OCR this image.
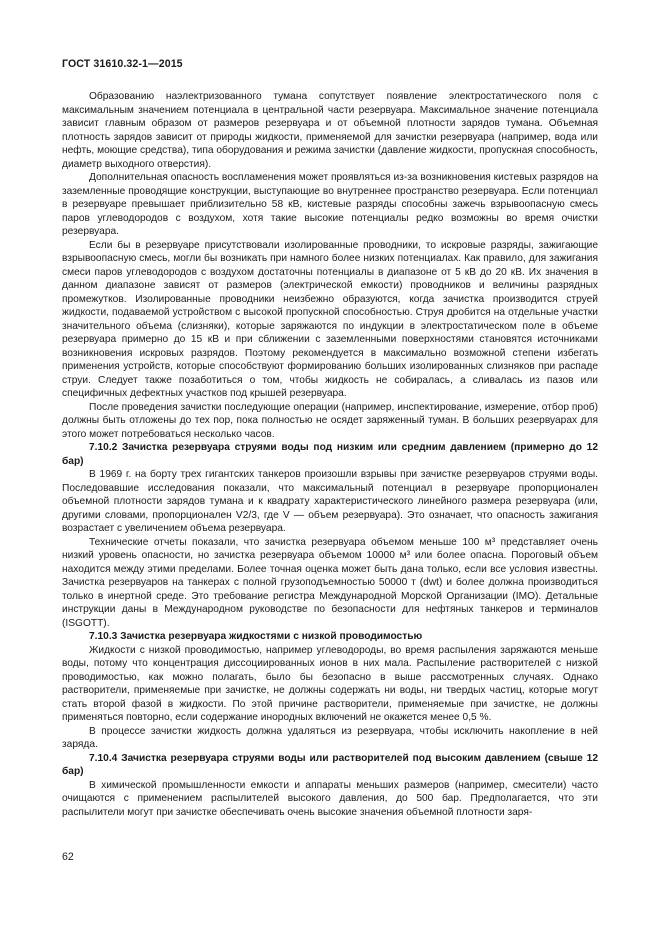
ГОСТ 31610.32-1—2015

Образованию наэлектризованного тумана сопутствует появление электростатического поля с максимальным значением потенциала в центральной части резервуара. Максимальное значение потенциала зависит главным образом от размеров резервуара и от объемной плотности зарядов тумана. Объемная плотность зарядов зависит от природы жидкости, применяемой для зачистки резервуара (например, вода или нефть, моющие средства), типа оборудования и режима зачистки (давление жидкости, пропускная способность, диаметр выходного отверстия).

Дополнительная опасность воспламенения может проявляться из-за возникновения кистевых разрядов на заземленные проводящие конструкции, выступающие во внутреннее пространство резервуара. Если потенциал в резервуаре превышает приблизительно 58 кВ, кистевые разряды способны зажечь взрывоопасную смесь паров углеводородов с воздухом, хотя такие высокие потенциалы редко возможны во время очистки резервуара.

Если бы в резервуаре присутствовали изолированные проводники, то искровые разряды, зажигающие взрывоопасную смесь, могли бы возникать при намного более низких потенциалах. Как правило, для зажигания смеси паров углеводородов с воздухом достаточны потенциалы в диапазоне от 5 кВ до 20 кВ. Их значения в данном диапазоне зависят от размеров (электрической емкости) проводников и величины разрядных промежутков. Изолированные проводники неизбежно образуются, когда зачистка производится струей жидкости, подаваемой устройством с высокой пропускной способностью. Струя дробится на отдельные участки значительного объема (слизняки), которые заряжаются по индукции в электростатическом поле в объеме резервуара примерно до 15 кВ и при сближении с заземленными поверхностями становятся источниками возникновения искровых разрядов. Поэтому рекомендуется в максимально возможной степени избегать применения устройств, которые способствуют формированию больших изолированных слизняков при распаде струи. Следует также позаботиться о том, чтобы жидкость не собиралась, а сливалась из пазов или специфичных дефектных участков под крышей резервуара.

После проведения зачистки последующие операции (например, инспектирование, измерение, отбор проб) должны быть отложены до тех пор, пока полностью не осядет заряженный туман. В больших резервуарах для этого может потребоваться несколько часов.

7.10.2 Зачистка резервуара струями воды под низким или средним давлением (примерно до 12 бар)

В 1969 г. на борту трех гигантских танкеров произошли взрывы при зачистке резервуаров струями воды. Последовавшие исследования показали, что максимальный потенциал в резервуаре пропорционален объемной плотности зарядов тумана и к квадрату характеристического линейного размера резервуара (или, другими словами, пропорционален V2/3, где V — объем резервуара). Это означает, что опасность зажигания возрастает с увеличением объема резервуара.

Технические отчеты показали, что зачистка резервуара объемом меньше 100 м³ представляет очень низкий уровень опасности, но зачистка резервуара объемом 10000 м³ или более опасна. Пороговый объем находится между этими пределами. Более точная оценка может быть дана только, если все условия известны. Зачистка резервуаров на танкерах с полной грузоподъемностью 50000 т (dwt) и более должна производиться только в инертной среде. Это требование регистра Международной Морской Организации (IMO). Детальные инструкции даны в Международном руководстве по безопасности для нефтяных танкеров и терминалов (ISGOTT).

7.10.3 Зачистка резервуара жидкостями с низкой проводимостью

Жидкости с низкой проводимостью, например углеводороды, во время распыления заряжаются меньше воды, потому что концентрация диссоциированных ионов в них мала. Распыление растворителей с низкой проводимостью, как можно полагать, было бы безопасно в выше рассмотренных случаях. Однако растворители, применяемые при зачистке, не должны содержать ни воды, ни твердых частиц, которые могут стать второй фазой в жидкости. По этой причине растворители, применяемые при зачистке, не должны применяться повторно, если содержание инородных включений не окажется менее 0,5 %.

В процессе зачистки жидкость должна удаляться из резервуара, чтобы исключить накопление в ней заряда.

7.10.4 Зачистка резервуара струями воды или растворителей под высоким давлением (свыше 12 бар)

В химической промышленности емкости и аппараты меньших размеров (например, смесители) часто очищаются с применением распылителей высокого давления, до 500 бар. Предполагается, что эти распылители могут при зачистке обеспечивать очень высокие значения объемной плотности заря-

62
